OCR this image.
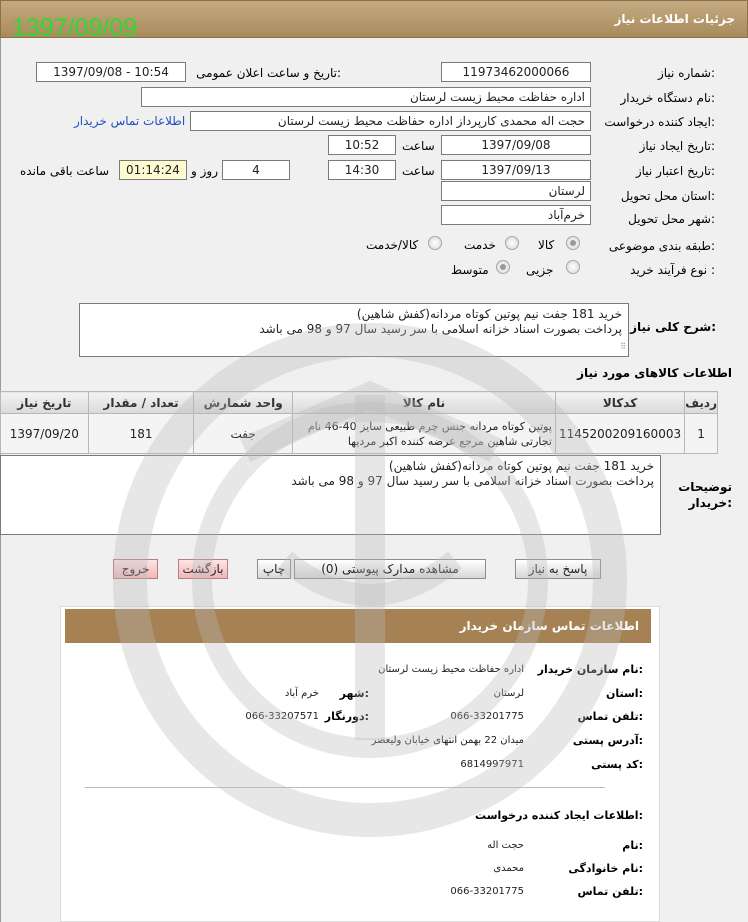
جزئيات اطلاعات نياز
1397/09/09
شماره نیاز:
11973462000066
تاریخ و ساعت اعلان عمومی:
1397/09/08 - 10:54
نام دستگاه خریدار:
اداره حفاظت محیط زیست لرستان
ایجاد کننده درخواست:
حجت اله محمدی کارپرداز اداره حفاظت محیط زیست لرستان
اطلاعات تماس خریدار
تاریخ ایجاد نیاز:
1397/09/08
ساعت
10:52
تاریخ اعتبار نیاز:
1397/09/13
ساعت
14:30
4
روز و
01:14:24
ساعت باقی مانده
استان محل تحویل:
لرستان
شهر محل تحویل:
خرم‌آباد
طبقه بندی موضوعی:
کالا
خدمت
کالا/خدمت
نوع فرآیند خرید :
جزیی
متوسط
شرح کلی نیاز:
خرید 181 جفت نیم پوتین کوتاه مردانه(کفش شاهین)
پرداخت بصورت اسناد خزانه اسلامی با سر رسید سال 97 و 98 می باشد
⠿
اطلاعات کالاهای مورد نیاز
تاریخ نیاز	تعداد / مقدار	واحد شمارش	نام کالا	کدکالا	ردیف
1397/09/20	181	جفت	پوتین کوتاه مردانه جنس چرم طبیعی سایز 40-46 نام
تجارتی شاهین مرجع عرضه کننده اکبر مردیها	1145200209160003	1
توضیحات
خریدار:
خرید 181 جفت نیم پوتین کوتاه مردانه(کفش شاهین)
پرداخت بصورت اسناد خزانه اسلامی با سر رسید سال 97 و 98 می باشد
پاسخ به نیاز
مشاهده مدارک پیوستی (0)
چاپ
بازگشت
خروج
اطلاعات تماس سازمان خریدار
نام سازمان خریدار:
اداره حفاظت محیط زیست لرستان
استان:
لرستان
شهر:
خرم آباد
تلفن تماس:
066-33201775
دورنگار:
066-33207571
آدرس پستی:
میدان 22 بهمن انتهای خیابان ولیعصر
کد پستی:
6814997971
اطلاعات ایجاد کننده درخواست:
نام:
حجت اله
نام خانوادگی:
محمدی
تلفن تماس:
066-33201775
